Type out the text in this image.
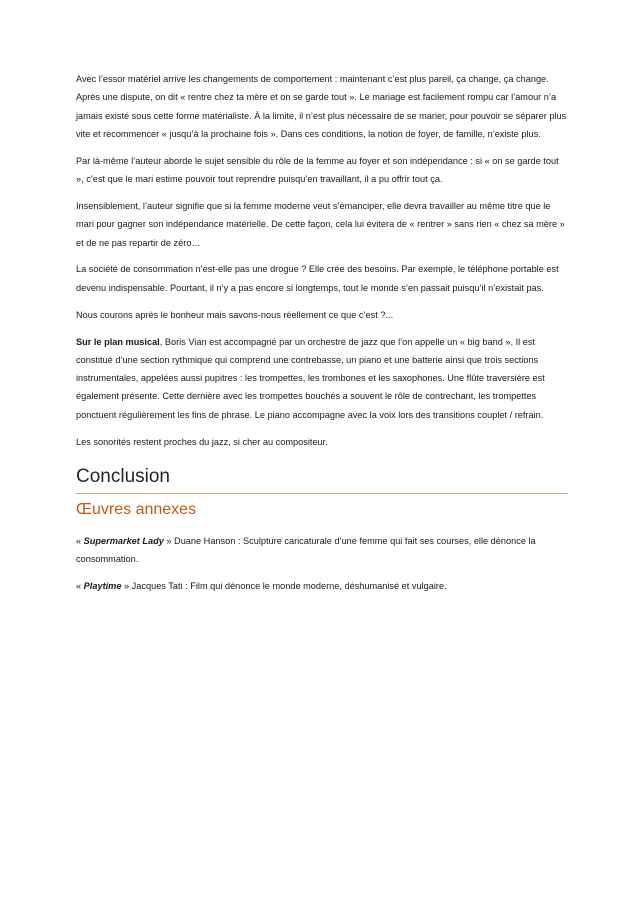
Avec l’essor matériel arrive les changements de comportement : maintenant c’est plus pareil, ça change, ça change. Après une dispute, on dit « rentre chez ta mère et on se garde tout ». Le mariage est facilement rompu car l’amour n’a jamais existé sous cette forme matérialiste. À la limite, il n’est plus nécessaire de se marier, pour pouvoir se séparer plus vite et recommencer « jusqu’à la prochaine fois ». Dans ces conditions, la notion de foyer, de famille, n’existe plus.

Par là-même l’auteur aborde le sujet sensible du rôle de la femme au foyer et son indépendance : si « on se garde tout », c’est que le mari estime pouvoir tout reprendre puisqu’en travaillant, il a pu offrir tout ça.

Insensiblement, l’auteur signifie que si la femme moderne veut s’émanciper, elle devra travailler au même titre que le mari pour gagner son indépendance matérielle. De cette façon, cela lui évitera de « rentrer » sans rien « chez sa mère » et de ne pas repartir de zéro…

La société de consommation n’est-elle pas une drogue ? Elle crée des besoins. Par exemple, le téléphone portable est devenu indispensable. Pourtant, il n’y a pas encore si longtemps, tout le monde s’en passait puisqu’il n’existait pas.

Nous courons après le bonheur mais savons-nous réellement ce que c’est ?...

Sur le plan musical, Boris Vian est accompagné par un orchestre de jazz que l’on appelle un « big band ». Il est constitué d’une section rythmique qui comprend une contrebasse, un piano et une batterie ainsi que trois sections instrumentales, appelées aussi pupitres : les trompettes, les trombones et les saxophones. Une flûte traversière est également présente. Cette dernière avec les trompettes bouchés a souvent le rôle de contrechant, les trompettes ponctuent régulièrement les fins de phrase. Le piano accompagne avec la voix lors des transitions couplet / refrain.

Les sonorités restent proches du jazz, si cher au compositeur.

Conclusion
Œuvres annexes

« Supermarket Lady » Duane Hanson : Sculpture caricaturale d’une femme qui fait ses courses, elle dénonce la consommation.

« Playtime » Jacques Tati : Film qui dénonce le monde moderne, déshumanisé et vulgaire.
